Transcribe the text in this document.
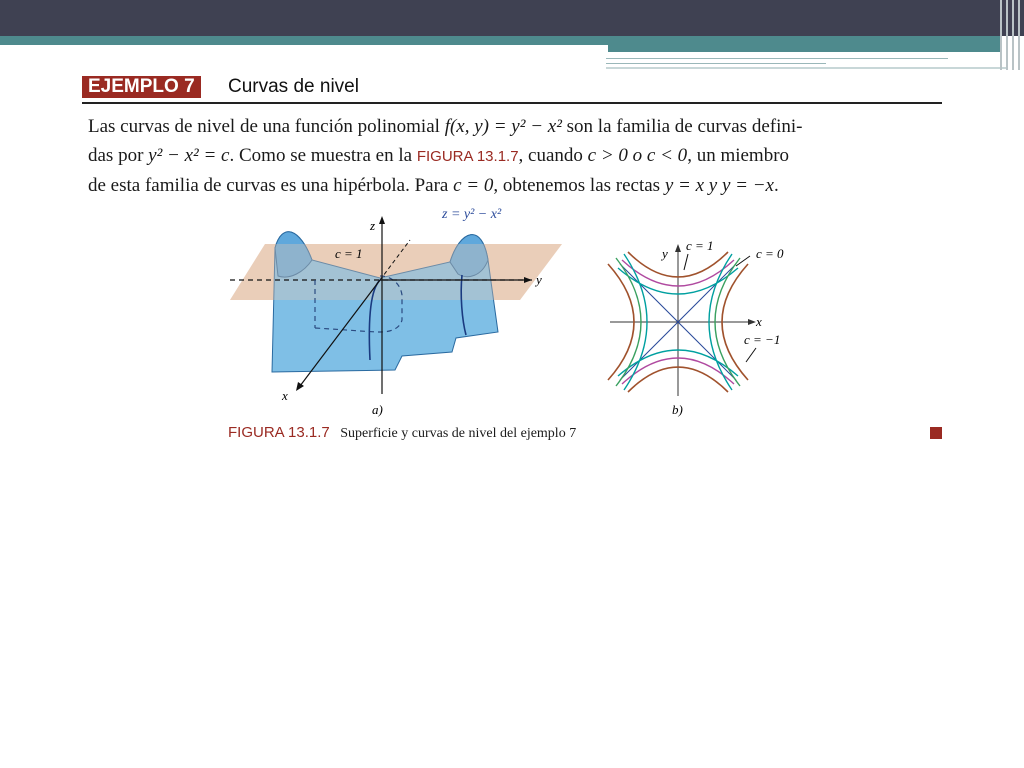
EJEMPLO 7	Curvas de nivel
Las curvas de nivel de una función polinomial f(x, y) = y² − x² son la familia de curvas defini-
das por y² − x² = c. Como se muestra en la FIGURA 13.1.7, cuando c > 0 o c < 0, un miembro
de esta familia de curvas es una hipérbola. Para c = 0, obtenemos las rectas y = x y y = −x.
z
y
x
z = y² − x²
c = 1
a)
y
x
c = 1
c = 0
c = −1
b)
FIGURA 13.1.7 Superficie y curvas de nivel del ejemplo 7
